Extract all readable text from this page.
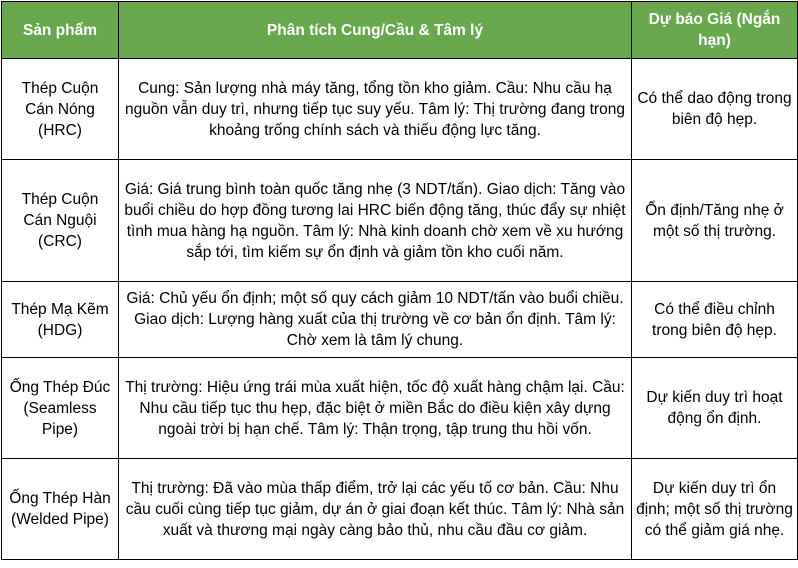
Sản phẩm	Phân tích Cung/Cầu & Tâm lý	Dự báo Giá (Ngắn hạn)
Thép Cuộn Cán Nóng (HRC)	Cung: Sản lượng nhà máy tăng, tổng tồn kho giảm. Cầu: Nhu cầu hạ nguồn vẫn duy trì, nhưng tiếp tục suy yếu. Tâm lý: Thị trường đang trong khoảng trống chính sách và thiếu động lực tăng.	Có thể dao động trong biên độ hẹp.
Thép Cuộn Cán Nguội (CRC)	Giá: Giá trung bình toàn quốc tăng nhẹ (3 NDT/tấn). Giao dịch: Tăng vào buổi chiều do hợp đồng tương lai HRC biến động tăng, thúc đẩy sự nhiệt tình mua hàng hạ nguồn. Tâm lý: Nhà kinh doanh chờ xem về xu hướng sắp tới, tìm kiếm sự ổn định và giảm tồn kho cuối năm.	Ổn định/Tăng nhẹ ở một số thị trường.
Thép Mạ Kẽm (HDG)	Giá: Chủ yếu ổn định; một số quy cách giảm 10 NDT/tấn vào buổi chiều. Giao dịch: Lượng hàng xuất của thị trường về cơ bản ổn định. Tâm lý: Chờ xem là tâm lý chung.	Có thể điều chỉnh trong biên độ hẹp.
Ống Thép Đúc (Seamless Pipe)	Thị trường: Hiệu ứng trái mùa xuất hiện, tốc độ xuất hàng chậm lại. Cầu: Nhu cầu tiếp tục thu hẹp, đặc biệt ở miền Bắc do điều kiện xây dựng ngoài trời bị hạn chế. Tâm lý: Thận trọng, tập trung thu hồi vốn.	Dự kiến duy trì hoạt động ổn định.
Ống Thép Hàn (Welded Pipe)	Thị trường: Đã vào mùa thấp điểm, trở lại các yếu tố cơ bản. Cầu: Nhu cầu cuối cùng tiếp tục giảm, dự án ở giai đoạn kết thúc. Tâm lý: Nhà sản xuất và thương mại ngày càng bảo thủ, nhu cầu đầu cơ giảm.	Dự kiến duy trì ổn định; một số thị trường có thể giảm giá nhẹ.
